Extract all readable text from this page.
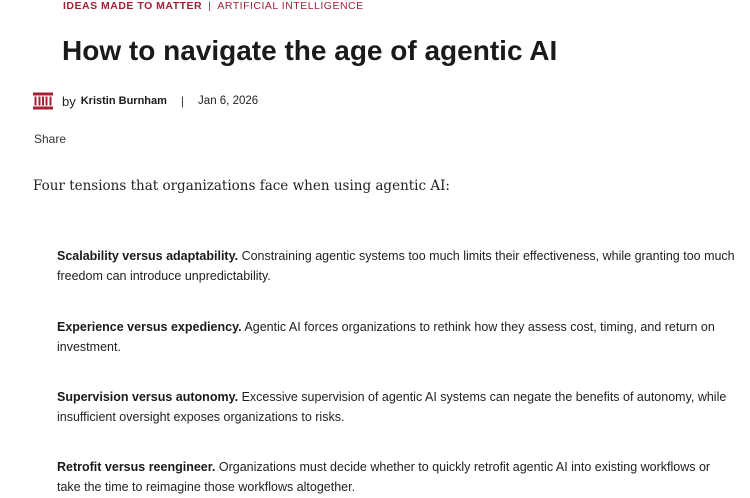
IDEAS MADE TO MATTER | ARTIFICIAL INTELLIGENCE
How to navigate the age of agentic AI
by Kristin Burnham | Jan 6, 2026
Share

Four tensions that organizations face when using agentic AI:

Scalability versus adaptability. Constraining agentic systems too much limits their effectiveness, while granting too much freedom can introduce unpredictability.

Experience versus expediency. Agentic AI forces organizations to rethink how they assess cost, timing, and return on investment.

Supervision versus autonomy. Excessive supervision of agentic AI systems can negate the benefits of autonomy, while insufficient oversight exposes organizations to risks.

Retrofit versus reengineer. Organizations must decide whether to quickly retrofit agentic AI into existing workflows or take the time to reimagine those workflows altogether.
